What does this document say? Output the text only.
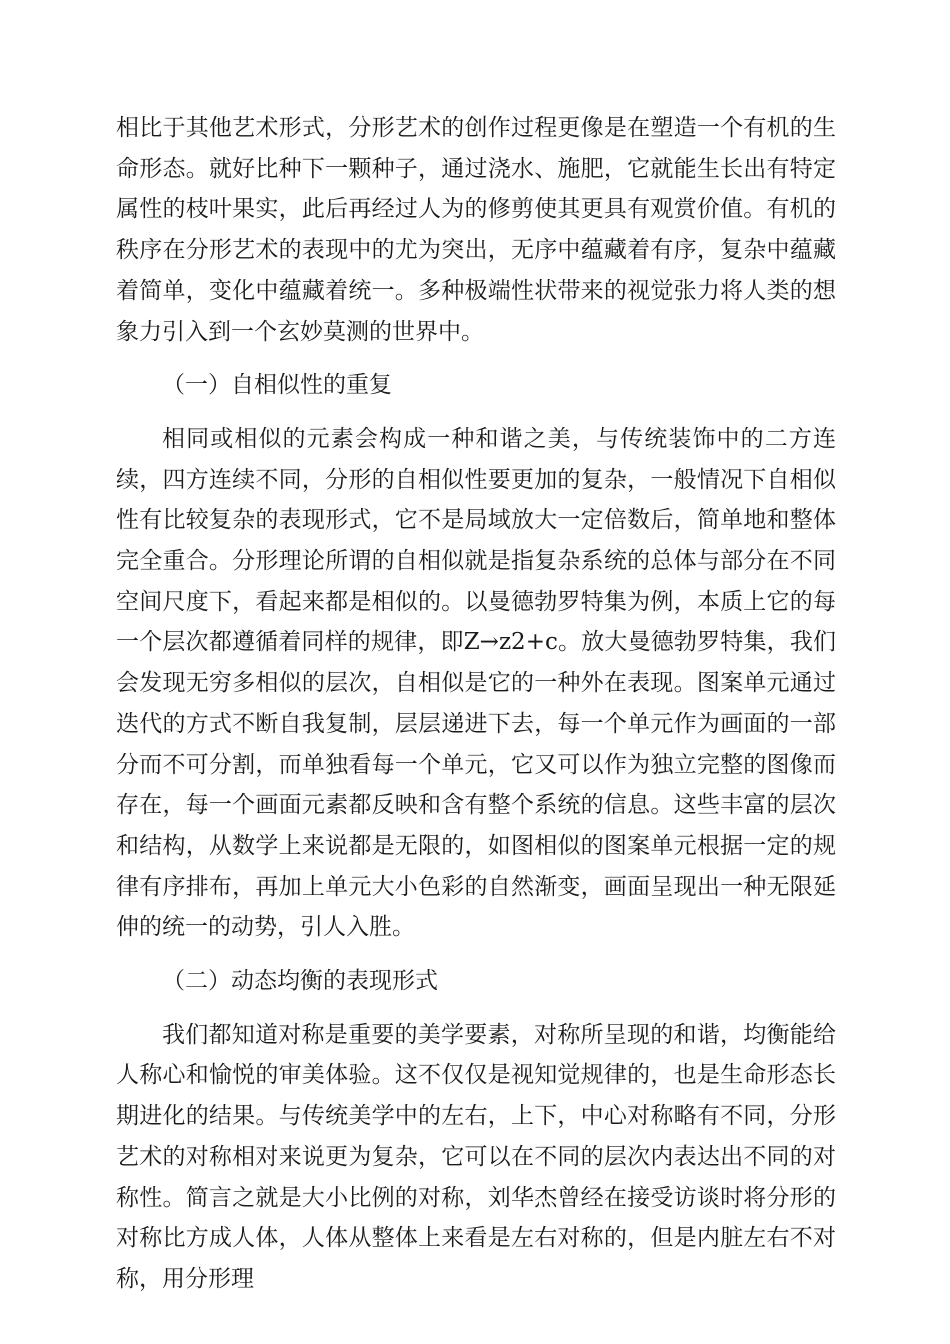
相比于其他艺术形式，分形艺术的创作过程更像是在塑造一个有机的生命形态。就好比种下一颗种子，通过浇水、施肥，它就能生长出有特定属性的枝叶果实，此后再经过人为的修剪使其更具有观赏价值。有机的秩序在分形艺术的表现中的尤为突出，无序中蕴藏着有序，复杂中蕴藏着简单，变化中蕴藏着统一。多种极端性状带来的视觉张力将人类的想象力引入到一个玄妙莫测的世界中。

（一）自相似性的重复

相同或相似的元素会构成一种和谐之美，与传统装饰中的二方连续，四方连续不同，分形的自相似性要更加的复杂，一般情况下自相似性有比较复杂的表现形式，它不是局域放大一定倍数后，简单地和整体完全重合。分形理论所谓的自相似就是指复杂系统的总体与部分在不同空间尺度下，看起来都是相似的。以曼德勃罗特集为例，本质上它的每一个层次都遵循着同样的规律，即Z→z2+c。放大曼德勃罗特集，我们会发现无穷多相似的层次，自相似是它的一种外在表现。图案单元通过迭代的方式不断自我复制，层层递进下去，每一个单元作为画面的一部分而不可分割，而单独看每一个单元，它又可以作为独立完整的图像而存在，每一个画面元素都反映和含有整个系统的信息。这些丰富的层次和结构，从数学上来说都是无限的，如图相似的图案单元根据一定的规律有序排布，再加上单元大小色彩的自然渐变，画面呈现出一种无限延伸的统一的动势，引人入胜。

（二）动态均衡的表现形式

我们都知道对称是重要的美学要素，对称所呈现的和谐，均衡能给人称心和愉悦的审美体验。这不仅仅是视知觉规律的，也是生命形态长期进化的结果。与传统美学中的左右，上下，中心对称略有不同，分形艺术的对称相对来说更为复杂，它可以在不同的层次内表达出不同的对称性。简言之就是大小比例的对称，刘华杰曾经在接受访谈时将分形的对称比方成人体，人体从整体上来看是左右对称的，但是内脏左右不对称，用分形理
